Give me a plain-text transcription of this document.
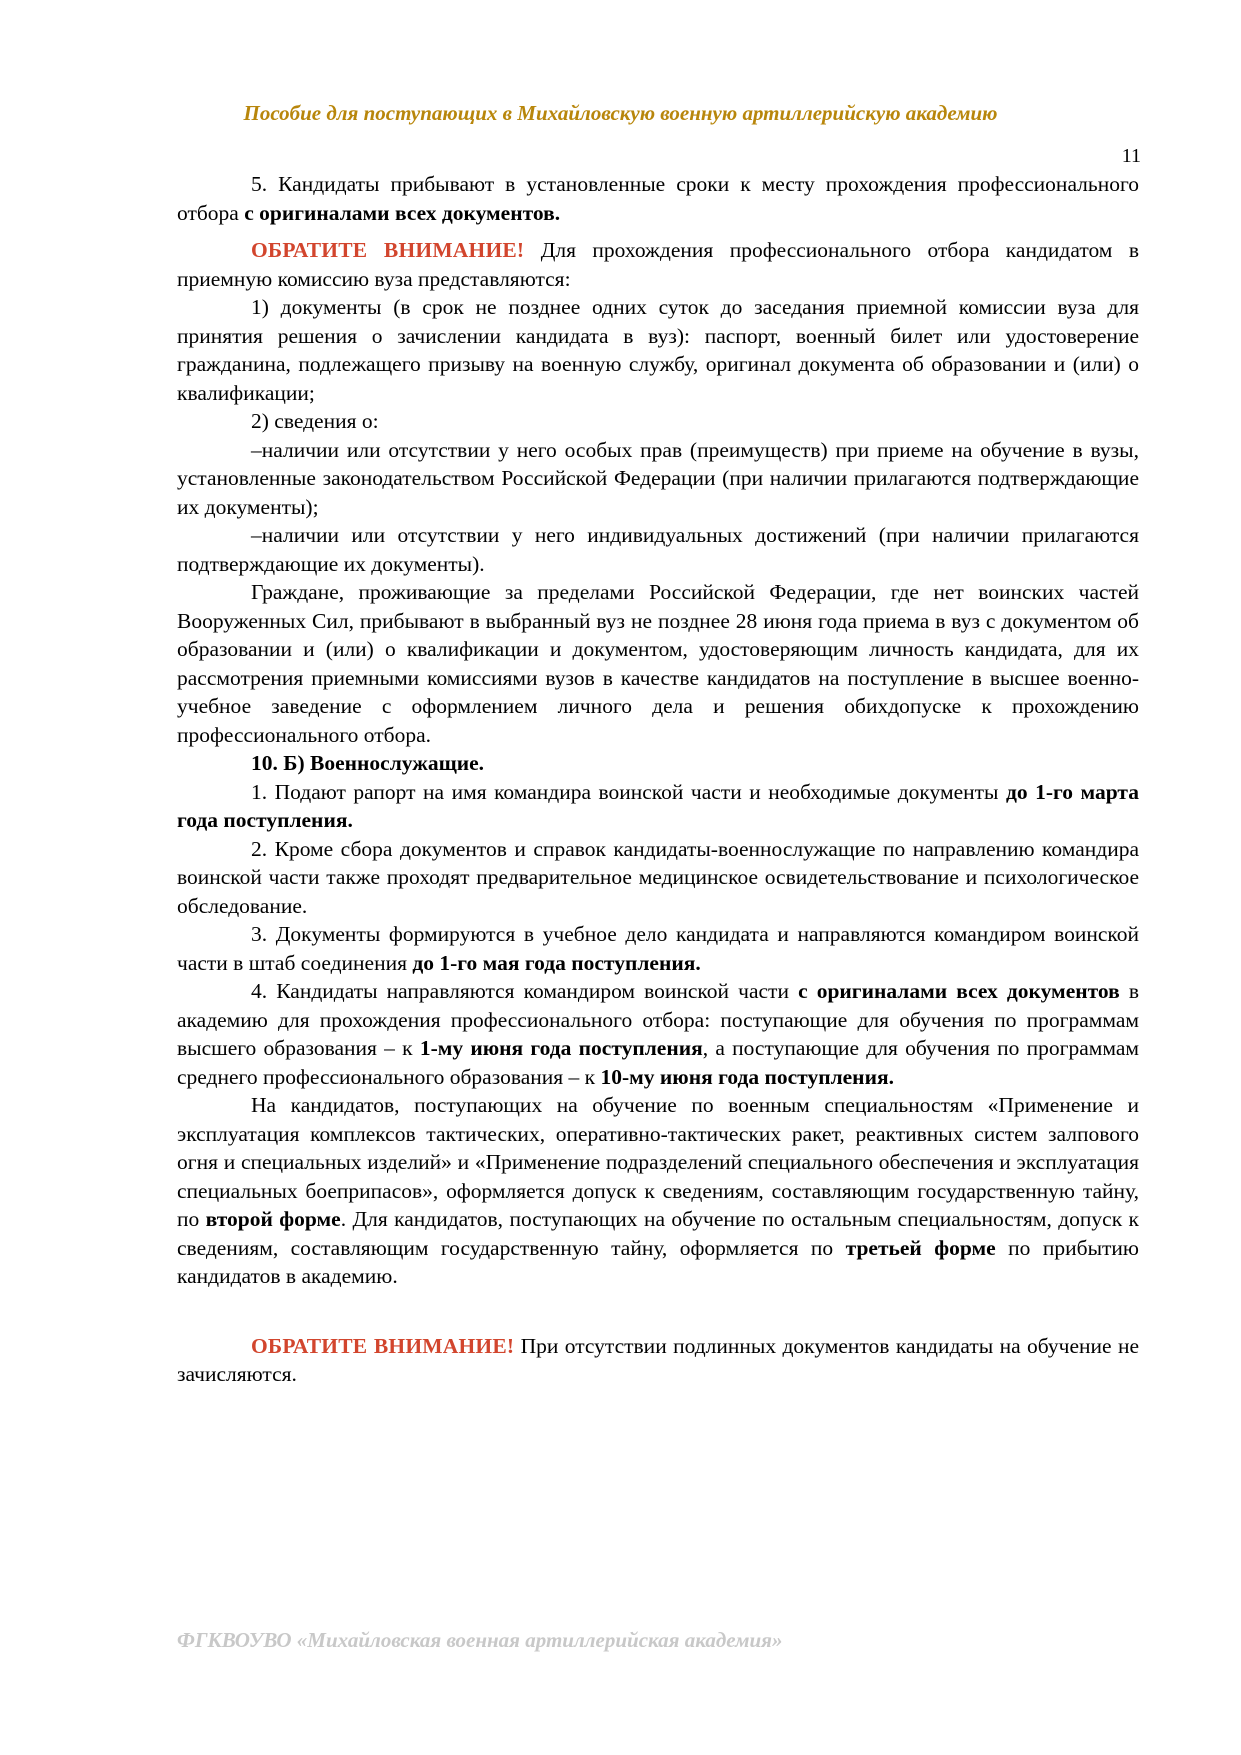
Пособие для поступающих в Михайловскую военную артиллерийскую академию
11

5. Кандидаты прибывают в установленные сроки к месту прохождения профессионального отбора с оригиналами всех документов.

ОБРАТИТЕ ВНИМАНИЕ! Для прохождения профессионального отбора кандидатом в приемную комиссию вуза представляются:

1) документы (в срок не позднее одних суток до заседания приемной комиссии вуза для принятия решения о зачислении кандидата в вуз): паспорт, военный билет или удостоверение гражданина, подлежащего призыву на военную службу, оригинал документа об образовании и (или) о квалификации;

2) сведения о:

–наличии или отсутствии у него особых прав (преимуществ) при приеме на обучение в вузы, установленные законодательством Российской Федерации (при наличии прилагаются подтверждающие их документы);

–наличии или отсутствии у него индивидуальных достижений (при наличии прилагаются подтверждающие их документы).

Граждане, проживающие за пределами Российской Федерации, где нет воинских частей Вооруженных Сил, прибывают в выбранный вуз не позднее 28 июня года приема в вуз с документом об образовании и (или) о квалификации и документом, удостоверяющим личность кандидата, для их рассмотрения приемными комиссиями вузов в качестве кандидатов на поступление в высшее военно-учебное заведение с оформлением личного дела и решения обихдопуске к прохождению профессионального отбора.

10. Б) Военнослужащие.

1. Подают рапорт на имя командира воинской части и необходимые документы до 1-го марта года поступления.

2. Кроме сбора документов и справок кандидаты-военнослужащие по направлению командира воинской части также проходят предварительное медицинское освидетельствование и психологическое обследование.

3. Документы формируются в учебное дело кандидата и направляются командиром воинской части в штаб соединения до 1-го мая года поступления.

4. Кандидаты направляются командиром воинской части с оригиналами всех документов в академию для прохождения профессионального отбора: поступающие для обучения по программам высшего образования – к 1-му июня года поступления, а поступающие для обучения по программам среднего профессионального образования – к 10-му июня года поступления.

На кандидатов, поступающих на обучение по военным специальностям «Применение и эксплуатация комплексов тактических, оперативно-тактических ракет, реактивных систем залпового огня и специальных изделий» и «Применение подразделений специального обеспечения и эксплуатация специальных боеприпасов», оформляется допуск к сведениям, составляющим государственную тайну, по второй форме. Для кандидатов, поступающих на обучение по остальным специальностям, допуск к сведениям, составляющим государственную тайну, оформляется по третьей форме по прибытию кандидатов в академию.

ОБРАТИТЕ ВНИМАНИЕ! При отсутствии подлинных документов кандидаты на обучение не зачисляются.

ФГКВОУВО «Михайловская военная артиллерийская академия»
